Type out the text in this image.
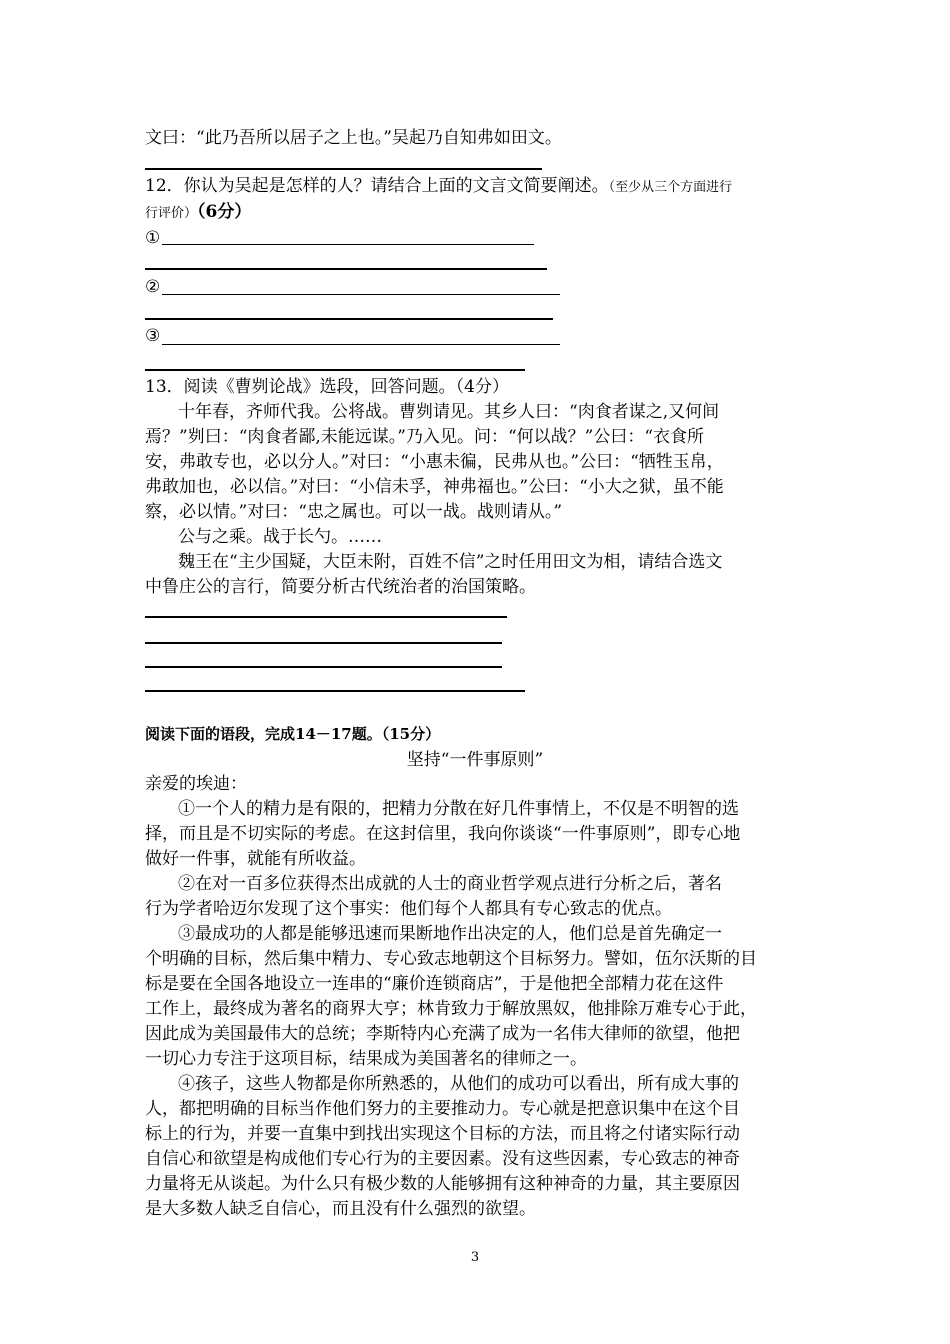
文曰：“此乃吾所以居子之上也。”吴起乃自知弗如田文。
12．你认为吴起是怎样的人？请结合上面的文言文简要阐述。（至少从三个方面进行
行评价）（6分）
①
②
③
13．阅读《曹刿论战》选段，回答问题。（4分）
十年春，齐师代我。公将战。曹刿请见。其乡人曰：“肉食者谋之,又何间
焉？”刿曰：“肉食者鄙,未能远谋。”乃入见。问：“何以战？”公曰：“衣食所
安，弗敢专也，必以分人。”对曰：“小惠未徧，民弗从也。”公曰：“牺牲玉帛，
弗敢加也，必以信。”对曰：“小信未孚，神弗福也。”公曰：“小大之狱，虽不能
察，必以情。”对曰：“忠之属也。可以一战。战则请从。”
公与之乘。战于长勺。……
魏王在“主少国疑，大臣未附，百姓不信”之时任用田文为相，请结合选文
中鲁庄公的言行，简要分析古代统治者的治国策略。
阅读下面的语段，完成14－17题。（15分）
坚持“一件事原则”
亲爱的埃迪：
①一个人的精力是有限的，把精力分散在好几件事情上，不仅是不明智的选
择，而且是不切实际的考虑。在这封信里，我向你谈谈“一件事原则”，即专心地
做好一件事，就能有所收益。
②在对一百多位获得杰出成就的人士的商业哲学观点进行分析之后，著名
行为学者哈迈尔发现了这个事实：他们每个人都具有专心致志的优点。
③最成功的人都是能够迅速而果断地作出决定的人，他们总是首先确定一
个明确的目标，然后集中精力、专心致志地朝这个目标努力。譬如，伍尔沃斯的目
标是要在全国各地设立一连串的“廉价连锁商店”，于是他把全部精力花在这件
工作上，最终成为著名的商界大亨；林肯致力于解放黑奴，他排除万难专心于此，
因此成为美国最伟大的总统；李斯特内心充满了成为一名伟大律师的欲望，他把
一切心力专注于这项目标，结果成为美国著名的律师之一。
④孩子，这些人物都是你所熟悉的，从他们的成功可以看出，所有成大事的
人，都把明确的目标当作他们努力的主要推动力。专心就是把意识集中在这个目
标上的行为，并要一直集中到找出实现这个目标的方法，而且将之付诸实际行动
自信心和欲望是构成他们专心行为的主要因素。没有这些因素，专心致志的神奇
力量将无从谈起。为什么只有极少数的人能够拥有这种神奇的力量，其主要原因
是大多数人缺乏自信心，而且没有什么强烈的欲望。
3
